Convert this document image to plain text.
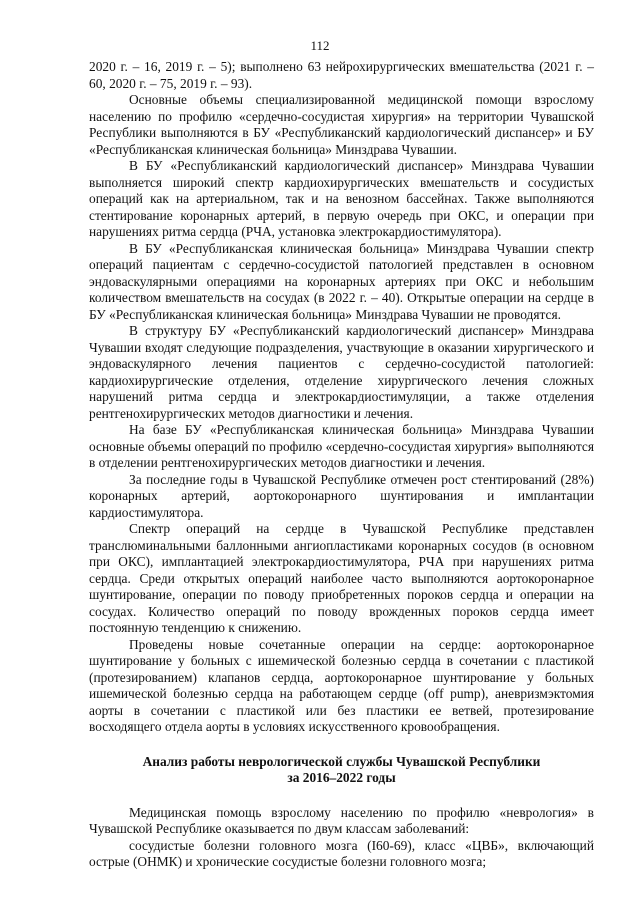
112

2020 г. – 16, 2019 г. – 5); выполнено 63 нейрохирургических вмешательства (2021 г. – 60, 2020 г. – 75, 2019 г. – 93).

Основные объемы специализированной медицинской помощи взрослому населению по профилю «сердечно-сосудистая хирургия» на территории Чувашской Республики выполняются в БУ «Республиканский кардиологический диспансер» и БУ «Республиканская клиническая больница» Минздрава Чувашии.

В БУ «Республиканский кардиологический диспансер» Минздрава Чувашии выполняется широкий спектр кардиохирургических вмешательств и сосудистых операций как на артериальном, так и на венозном бассейнах. Также выполняются стентирование коронарных артерий, в первую очередь при ОКС, и операции при нарушениях ритма сердца (РЧА, установка электрокардиостимулятора).

В БУ «Республиканская клиническая больница» Минздрава Чувашии спектр операций пациентам с сердечно-сосудистой патологией представлен в основном эндоваскулярными операциями на коронарных артериях при ОКС и небольшим количеством вмешательств на сосудах (в 2022 г. – 40). Открытые операции на сердце в БУ «Республиканская клиническая больница» Минздрава Чувашии не проводятся.

В структуру БУ «Республиканский кардиологический диспансер» Минздрава Чувашии входят следующие подразделения, участвующие в оказании хирургического и эндоваскулярного лечения пациентов с сердечно-сосудистой патологией: кардиохирургические отделения, отделение хирургического лечения сложных нарушений ритма сердца и электрокардиостимуляции, а также отделения рентгенохирургических методов диагностики и лечения.

На базе БУ «Республиканская клиническая больница» Минздрава Чувашии основные объемы операций по профилю «сердечно-сосудистая хирургия» выполняются в отделении рентгенохирургических методов диагностики и лечения.

За последние годы в Чувашской Республике отмечен рост стентирований (28%) коронарных артерий, аортокоронарного шунтирования и имплантации кардиостимулятора.

Спектр операций на сердце в Чувашской Республике представлен транслюминальными баллонными ангиопластиками коронарных сосудов (в основном при ОКС), имплантацией электрокардиостимулятора, РЧА при нарушениях ритма сердца. Среди открытых операций наиболее часто выполняются аортокоронарное шунтирование, операции по поводу приобретенных пороков сердца и операции на сосудах. Количество операций по поводу врожденных пороков сердца имеет постоянную тенденцию к снижению.

Проведены новые сочетанные операции на сердце: аортокоронарное шунтирование у больных с ишемической болезнью сердца в сочетании с пластикой (протезированием) клапанов сердца, аортокоронарное шунтирование у больных ишемической болезнью сердца на работающем сердце (off pump), аневризмэктомия аорты в сочетании с пластикой или без пластики ее ветвей, протезирование восходящего отдела аорты в условиях искусственного кровообращения.

Анализ работы неврологической службы Чувашской Республики
за 2016–2022 годы

Медицинская помощь взрослому населению по профилю «неврология» в Чувашской Республике оказывается по двум классам заболеваний:

сосудистые болезни головного мозга (I60-69), класс «ЦВБ», включающий острые (ОНМК) и хронические сосудистые болезни головного мозга;
